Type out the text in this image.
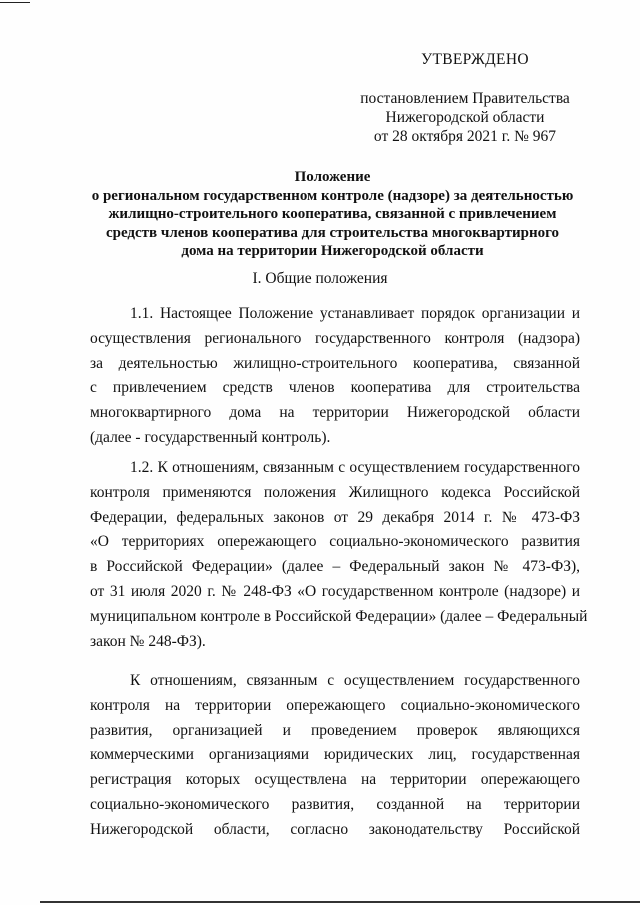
УТВЕРЖДЕНО
постановлением Правительства
Нижегородской области
от 28 октября 2021 г. № 967
Положение
о региональном государственном контроле (надзоре) за деятельностью
жилищно-строительного кооператива, связанной с привлечением
средств членов кооператива для строительства многоквартирного
дома на территории Нижегородской области
I. Общие положения
1.1. Настоящее Положение устанавливает порядок организации и
осуществления регионального государственного контроля (надзора)
за деятельностью жилищно-строительного кооператива, связанной
с привлечением средств членов кооператива для строительства
многоквартирного дома на территории Нижегородской области
(далее - государственный контроль).
1.2. К отношениям, связанным с осуществлением государственного
контроля применяются положения Жилищного кодекса Российской
Федерации, федеральных законов от 29 декабря 2014 г. № 473-ФЗ
«О территориях опережающего социально-экономического развития
в Российской Федерации» (далее – Федеральный закон № 473-ФЗ),
от 31 июля 2020 г. № 248-ФЗ «О государственном контроле (надзоре) и
муниципальном контроле в Российской Федерации» (далее – Федеральный
закон № 248-ФЗ).
К отношениям, связанным с осуществлением государственного
контроля на территории опережающего социально-экономического
развития, организацией и проведением проверок являющихся
коммерческими организациями юридических лиц, государственная
регистрация которых осуществлена на территории опережающего
социально-экономического развития, созданной на территории
Нижегородской области, согласно законодательству Российской
